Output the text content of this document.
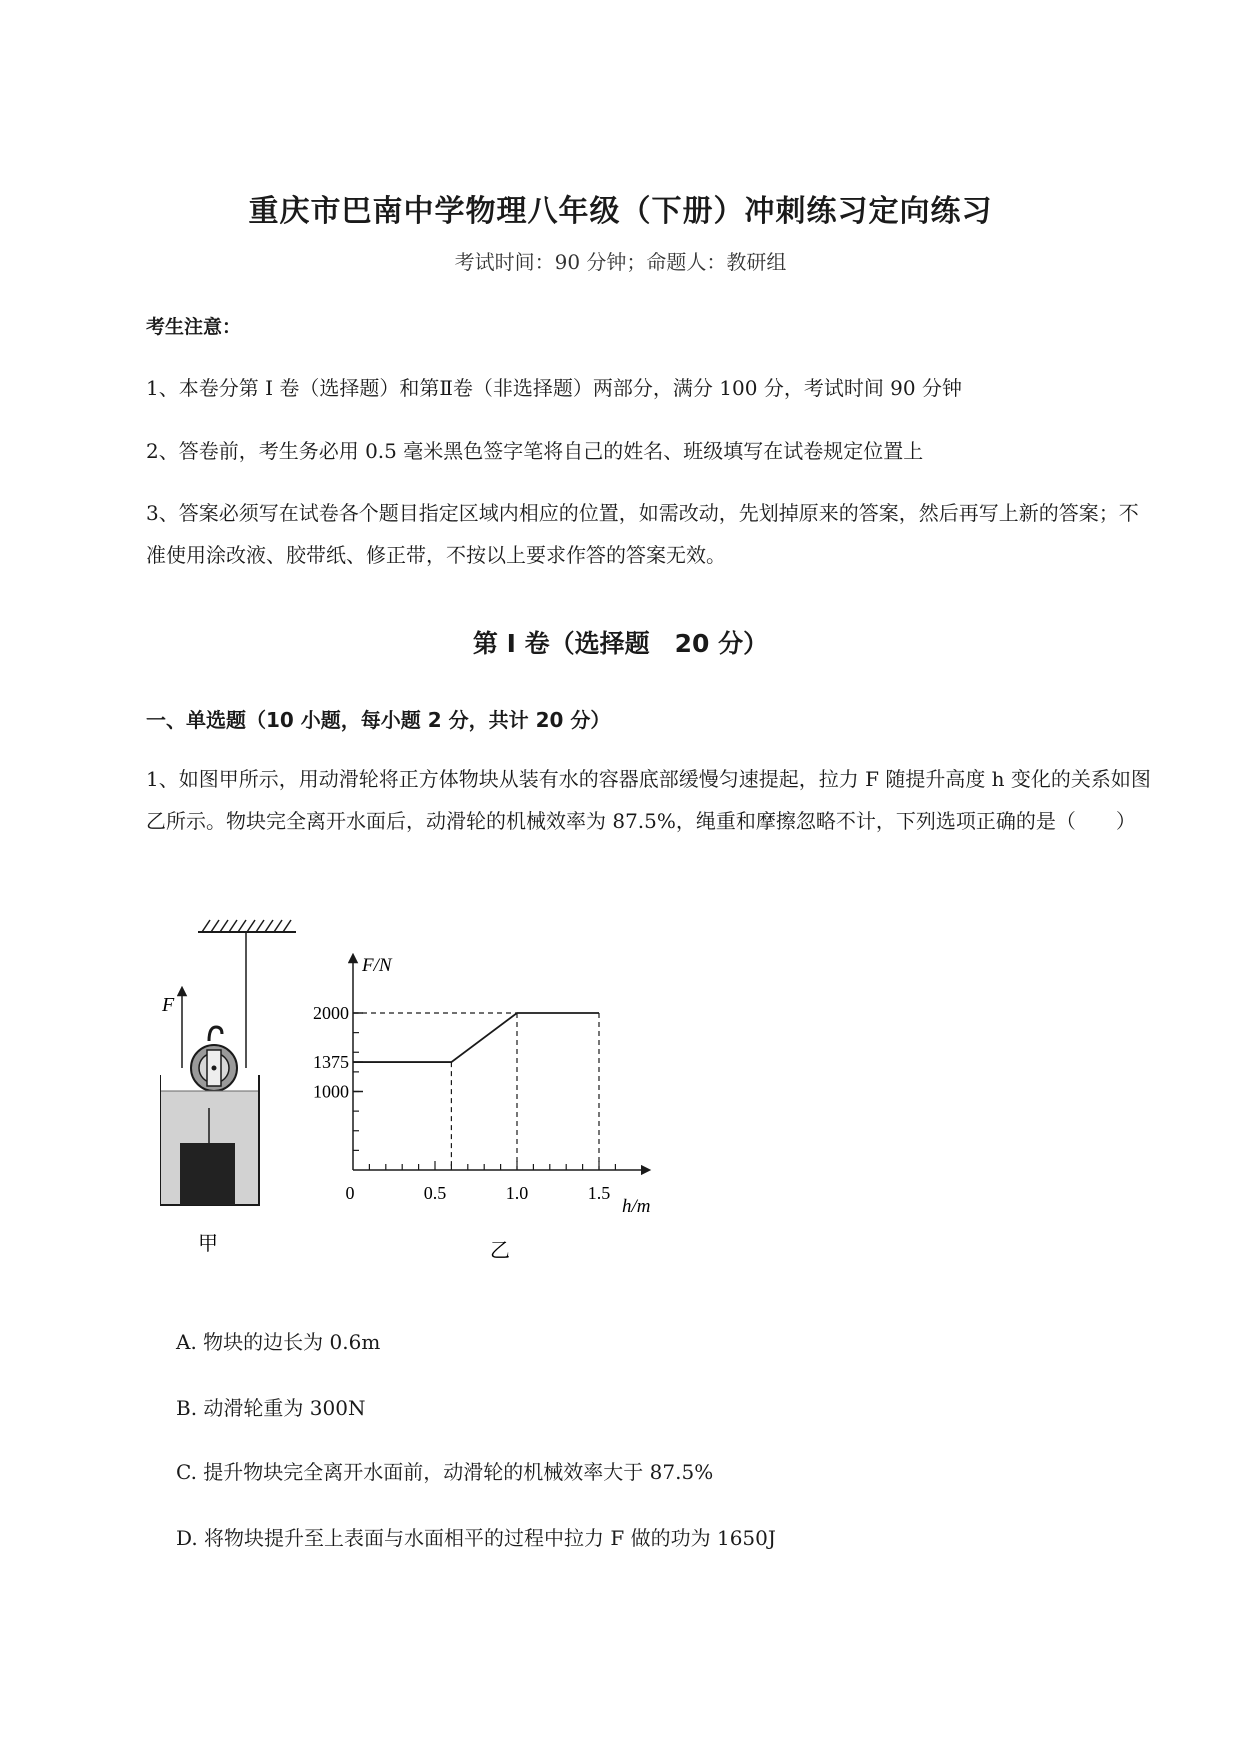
重庆市巴南中学物理八年级（下册）冲刺练习定向练习
考试时间：90 分钟；命题人：教研组
考生注意：
1、本卷分第 I 卷（选择题）和第Ⅱ卷（非选择题）两部分，满分 100 分，考试时间 90 分钟
2、答卷前，考生务必用 0.5 毫米黑色签字笔将自己的姓名、班级填写在试卷规定位置上
3、答案必须写在试卷各个题目指定区域内相应的位置，如需改动，先划掉原来的答案，然后再写上新的答案；不准使用涂改液、胶带纸、修正带，不按以上要求作答的答案无效。
第 I 卷（选择题　20 分）
一、单选题（10 小题，每小题 2 分，共计 20 分）
1、如图甲所示，用动滑轮将正方体物块从装有水的容器底部缓慢匀速提起，拉力 F 随提升高度 h 变化的关系如图乙所示。物块完全离开水面后，动滑轮的机械效率为 87.5%，绳重和摩擦忽略不计，下列选项正确的是（　　）
F
甲
F/N
h/m
0	0.5	1.0	1.5
1000
1375
2000
乙
A. 物块的边长为 0.6m
B. 动滑轮重为 300N
C. 提升物块完全离开水面前，动滑轮的机械效率大于 87.5%
D. 将物块提升至上表面与水面相平的过程中拉力 F 做的功为 1650J
